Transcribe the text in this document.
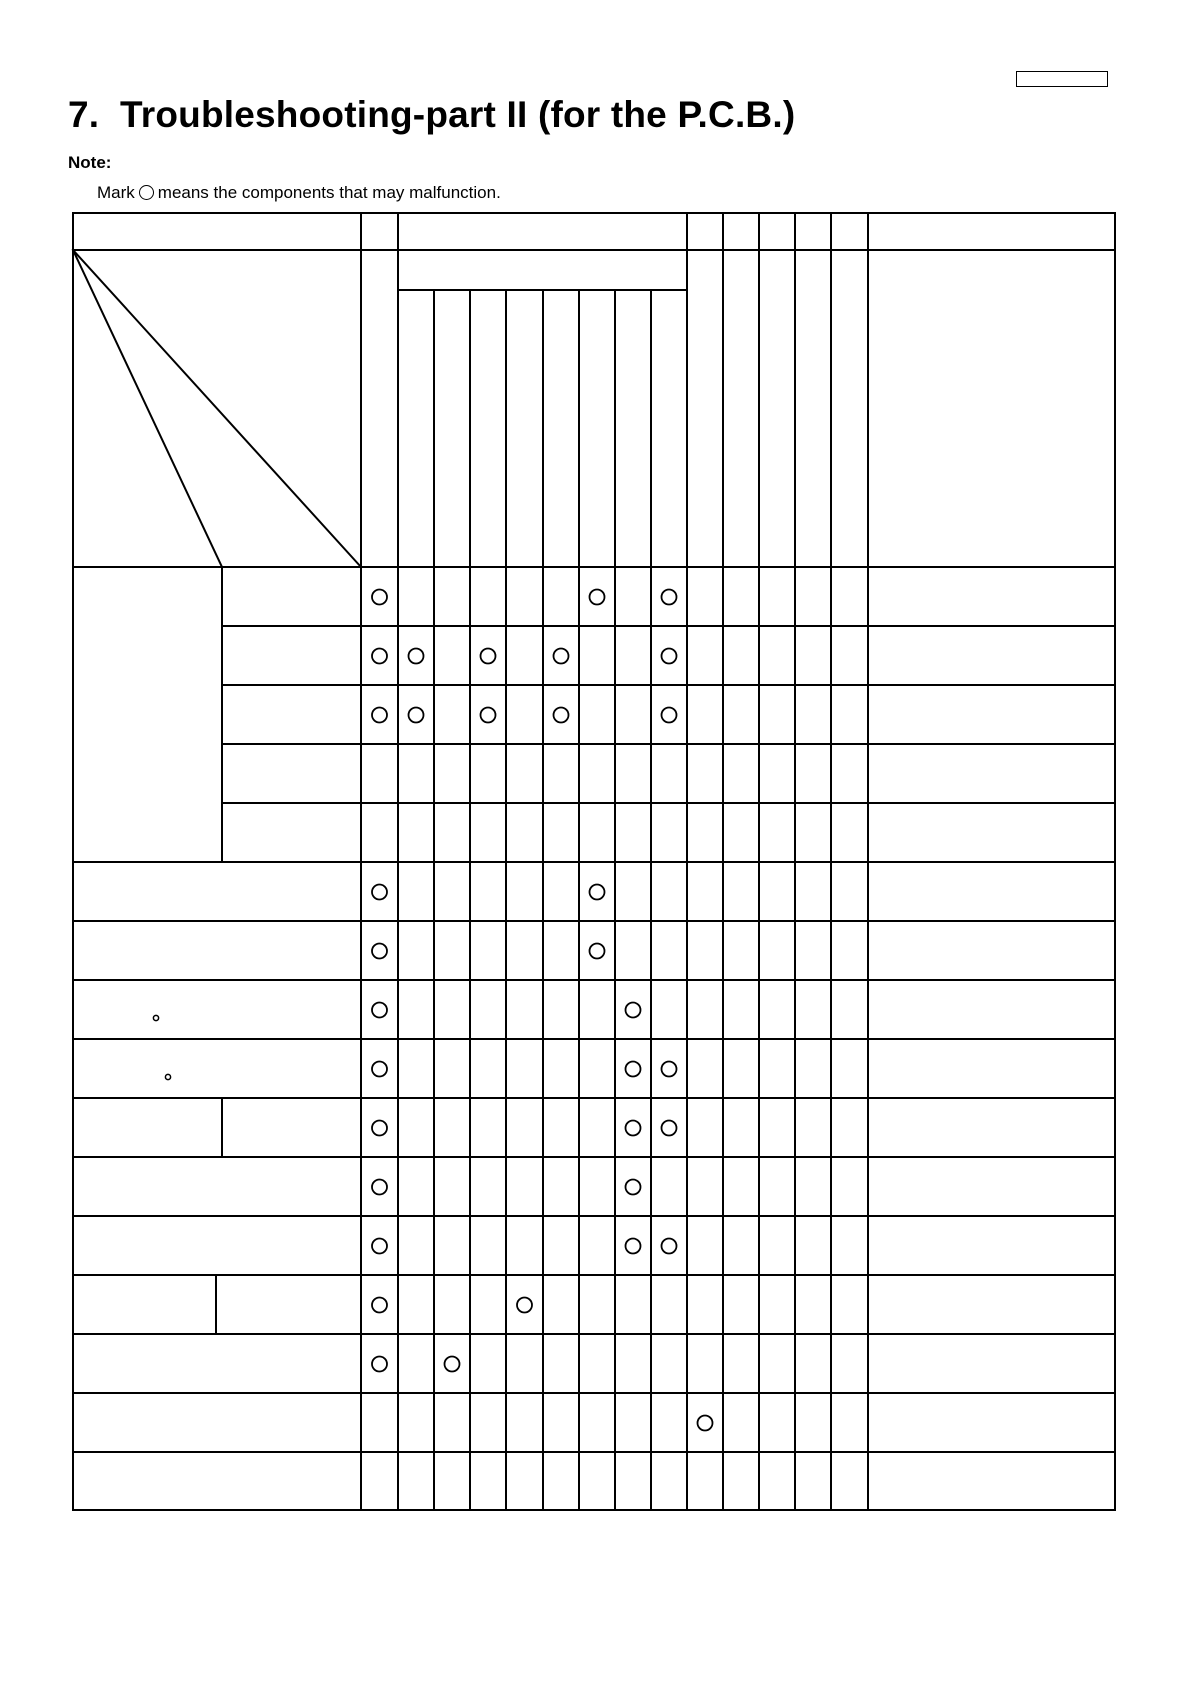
7. Troubleshooting-part II (for the P.C.B.)
Note:
Mark ○ means the components that may malfunction.
